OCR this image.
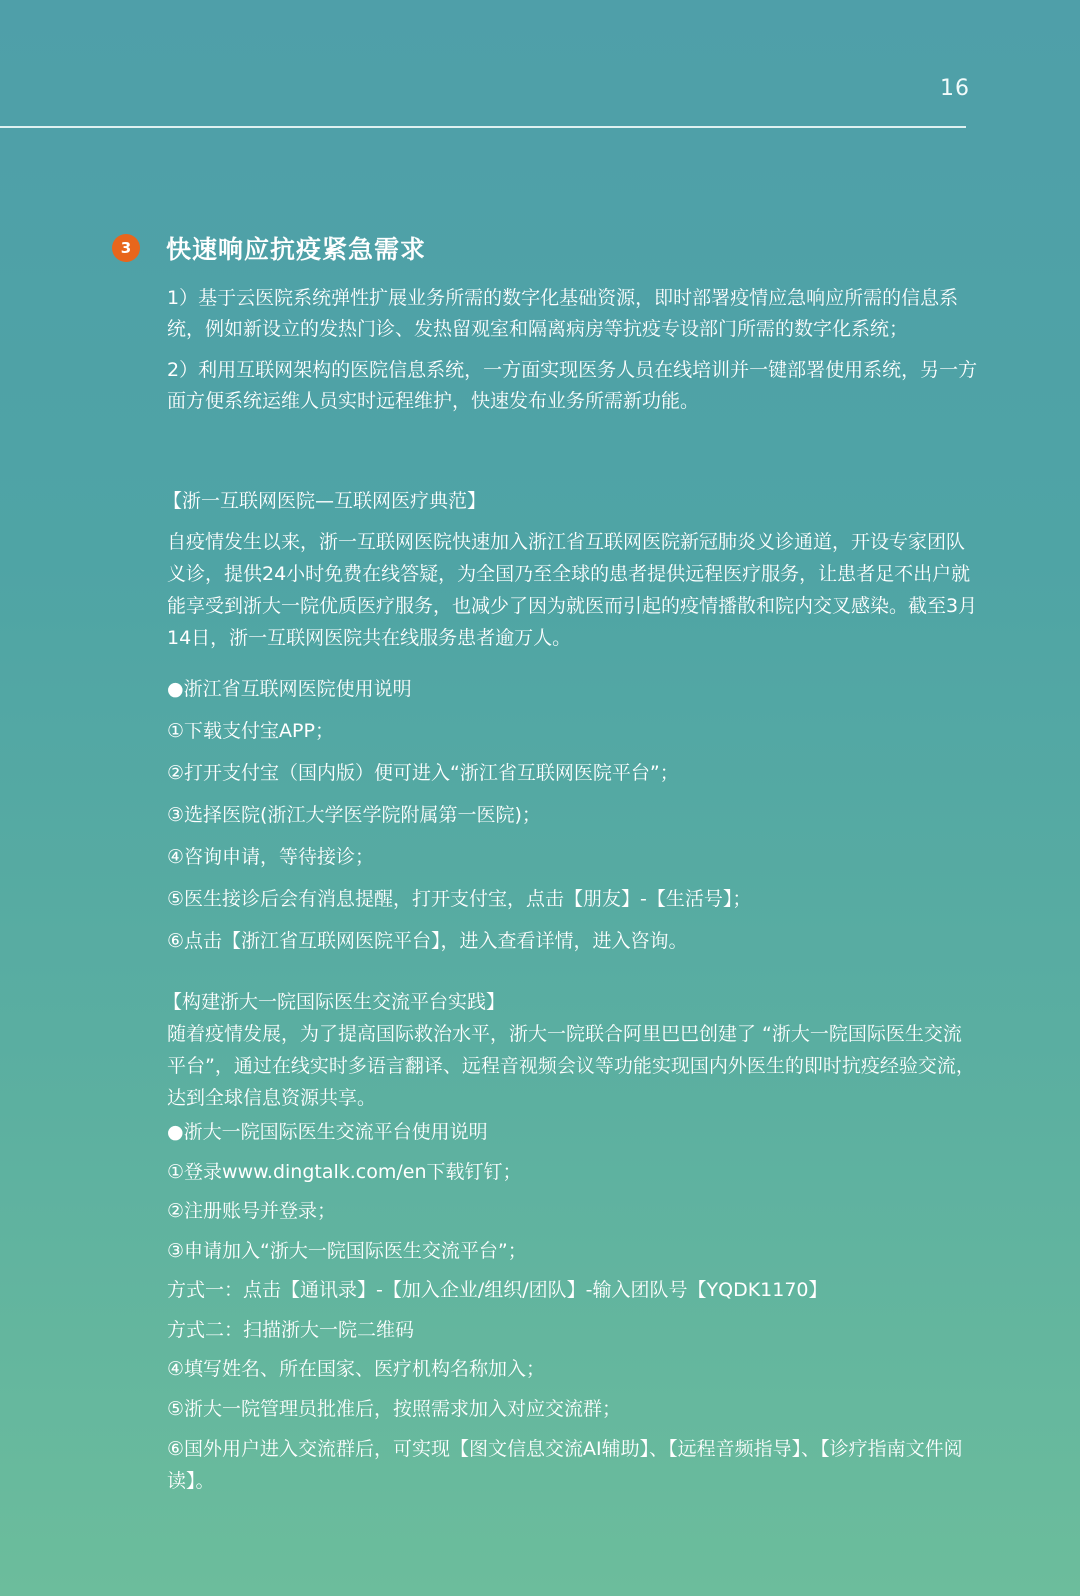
16
3	快速响应抗疫紧急需求

1）基于云医院系统弹性扩展业务所需的数字化基础资源，即时部署疫情应急响应所需的信息系统，例如新设立的发热门诊、发热留观室和隔离病房等抗疫专设部门所需的数字化系统；

2）利用互联网架构的医院信息系统，一方面实现医务人员在线培训并一键部署使用系统，另一方面方便系统运维人员实时远程维护，快速发布业务所需新功能。

【浙一互联网医院—互联网医疗典范】

自疫情发生以来，浙一互联网医院快速加入浙江省互联网医院新冠肺炎义诊通道，开设专家团队义诊，提供24小时免费在线答疑，为全国乃至全球的患者提供远程医疗服务，让患者足不出户就能享受到浙大一院优质医疗服务，也减少了因为就医而引起的疫情播散和院内交叉感染。截至3月14日，浙一互联网医院共在线服务患者逾万人。

●浙江省互联网医院使用说明
①下载支付宝APP；
②打开支付宝（国内版）便可进入“浙江省互联网医院平台”；
③选择医院(浙江大学医学院附属第一医院)；
④咨询申请，等待接诊；
⑤医生接诊后会有消息提醒，打开支付宝，点击【朋友】-【生活号】；
⑥点击【浙江省互联网医院平台】，进入查看详情，进入咨询。

【构建浙大一院国际医生交流平台实践】

随着疫情发展，为了提高国际救治水平，浙大一院联合阿里巴巴创建了 “浙大一院国际医生交流平台”，通过在线实时多语言翻译、远程音视频会议等功能实现国内外医生的即时抗疫经验交流，达到全球信息资源共享。

●浙大一院国际医生交流平台使用说明
①登录www.dingtalk.com/en下载钉钉；
②注册账号并登录；
③申请加入“浙大一院国际医生交流平台”；
方式一：点击【通讯录】-【加入企业/组织/团队】-输入团队号【YQDK1170】
方式二：扫描浙大一院二维码
④填写姓名、所在国家、医疗机构名称加入；
⑤浙大一院管理员批准后，按照需求加入对应交流群；
⑥国外用户进入交流群后，可实现【图文信息交流AI辅助】、【远程音频指导】、【诊疗指南文件阅读】。
